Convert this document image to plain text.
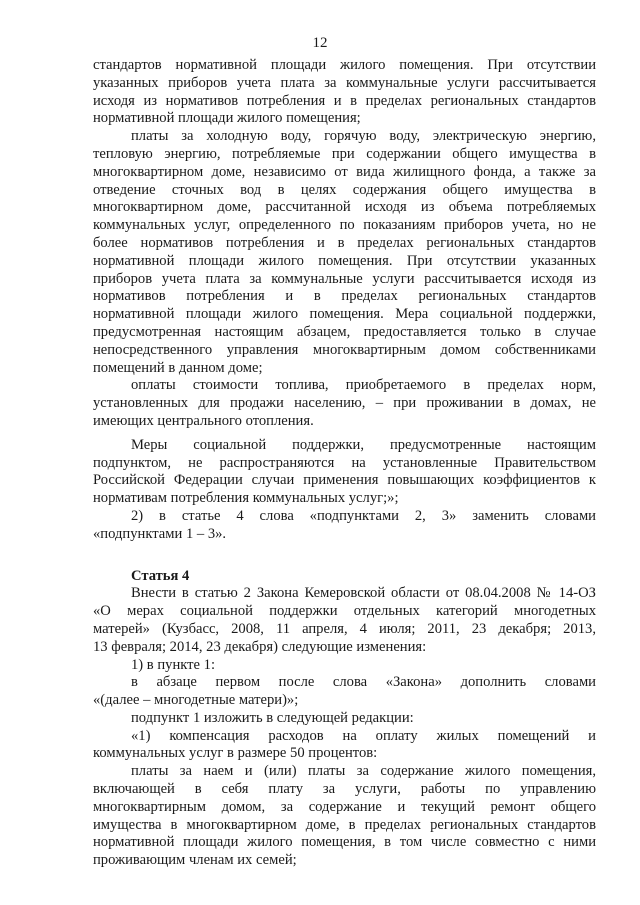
12
стандартов нормативной площади жилого помещения. При отсутствии
указанных приборов учета плата за коммунальные услуги рассчитывается
исходя из нормативов потребления и в пределах региональных стандартов
нормативной площади жилого помещения;
платы за холодную воду, горячую воду, электрическую энергию,
тепловую энергию, потребляемые при содержании общего имущества в
многоквартирном доме, независимо от вида жилищного фонда, а также за
отведение сточных вод в целях содержания общего имущества в
многоквартирном доме, рассчитанной исходя из объема потребляемых
коммунальных услуг, определенного по показаниям приборов учета, но не
более нормативов потребления и в пределах региональных стандартов
нормативной площади жилого помещения. При отсутствии указанных
приборов учета плата за коммунальные услуги рассчитывается исходя из
нормативов потребления и в пределах региональных стандартов
нормативной площади жилого помещения. Мера социальной поддержки,
предусмотренная настоящим абзацем, предоставляется только в случае
непосредственного управления многоквартирным домом собственниками
помещений в данном доме;
оплаты стоимости топлива, приобретаемого в пределах норм,
установленных для продажи населению, – при проживании в домах, не
имеющих центрального отопления.
Меры социальной поддержки, предусмотренные настоящим
подпунктом, не распространяются на установленные Правительством
Российской Федерации случаи применения повышающих коэффициентов к
нормативам потребления коммунальных услуг;»;
2) в статье 4 слова «подпунктами 2, 3» заменить словами
«подпунктами 1 – 3».
Статья 4
Внести в статью 2 Закона Кемеровской области от 08.04.2008 № 14-ОЗ
«О мерах социальной поддержки отдельных категорий многодетных
матерей» (Кузбасс, 2008, 11 апреля, 4 июля; 2011, 23 декабря; 2013,
13 февраля; 2014, 23 декабря) следующие изменения:
1) в пункте 1:
в абзаце первом после слова «Закона» дополнить словами
«(далее – многодетные матери)»;
подпункт 1 изложить в следующей редакции:
«1) компенсация расходов на оплату жилых помещений и
коммунальных услуг в размере 50 процентов:
платы за наем и (или) платы за содержание жилого помещения,
включающей в себя плату за услуги, работы по управлению
многоквартирным домом, за содержание и текущий ремонт общего
имущества в многоквартирном доме, в пределах региональных стандартов
нормативной площади жилого помещения, в том числе совместно с ними
проживающим членам их семей;
